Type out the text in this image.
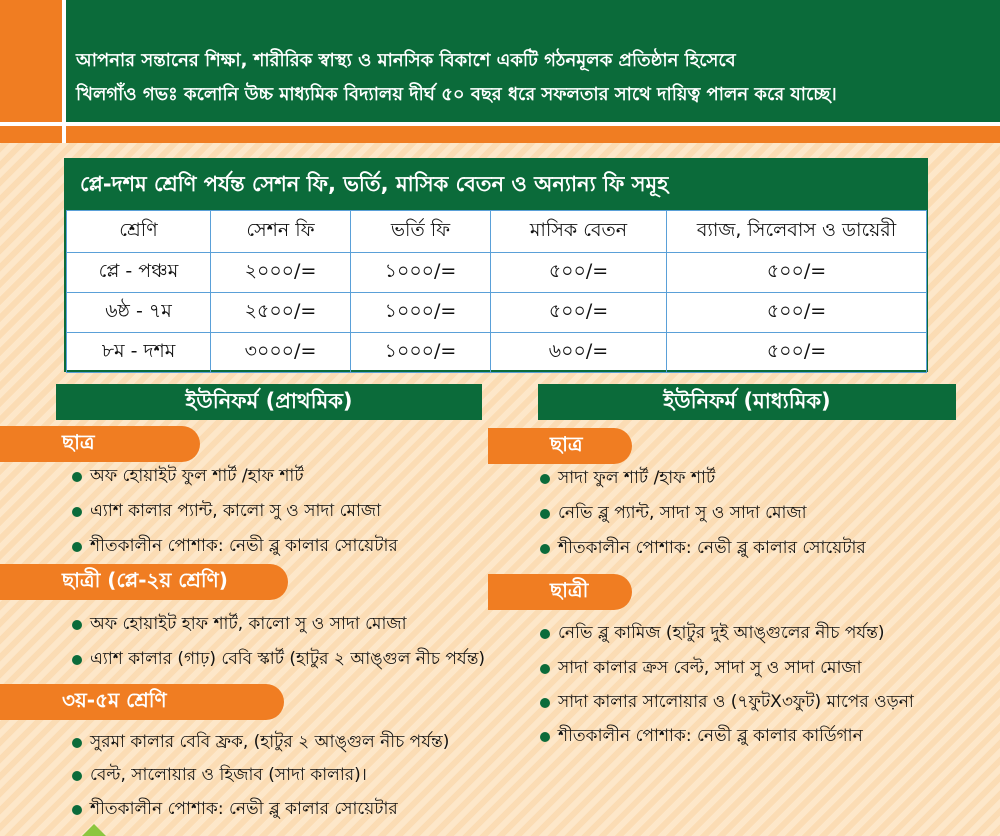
আপনার সন্তানের শিক্ষা, শারীরিক স্বাস্থ্য ও মানসিক বিকাশে একটি গঠনমূলক প্রতিষ্ঠান হিসেবে
খিলগাঁও গভঃ কলোনি উচ্চ মাধ্যমিক বিদ্যালয় দীর্ঘ ৫০ বছর ধরে সফলতার সাথে দায়িত্ব পালন করে যাচ্ছে।
প্লে-দশম শ্রেণি পর্যন্ত সেশন ফি, ভর্তি, মাসিক বেতন ও অন্যান্য ফি সমূহ
শ্রেণি	সেশন ফি	ভর্তি ফি	মাসিক বেতন	ব্যাজ, সিলেবাস ও ডায়েরী
প্লে - পঞ্চম	২০০০/=	১০০০/=	৫০০/=	৫০০/=
৬ষ্ঠ - ৭ম	২৫০০/=	১০০০/=	৫০০/=	৫০০/=
৮ম - দশম	৩০০০/=	১০০০/=	৬০০/=	৫০০/=
ইউনিফর্ম (প্রাথমিক)
ছাত্র
অফ হোয়াইট ফুল শার্ট /হাফ শার্ট
এ্যাশ কালার প্যান্ট, কালো সু ও সাদা মোজা
শীতকালীন পোশাক: নেভী ব্লু কালার সোয়েটার
ছাত্রী (প্লে-২য় শ্রেণি)
অফ হোয়াইট হাফ শার্ট, কালো সু ও সাদা মোজা
এ্যাশ কালার (গাঢ়) বেবি স্কার্ট (হাটুর ২ আঙ্গুল নীচ পর্যন্ত)
৩য়-৫ম শ্রেণি
সুরমা কালার বেবি ফ্রক, (হাটুর ২ আঙ্গুল নীচ পর্যন্ত)
বেল্ট, সালোয়ার ও হিজাব (সাদা কালার)।
শীতকালীন পোশাক: নেভী ব্লু কালার সোয়েটার
ইউনিফর্ম (মাধ্যমিক)
ছাত্র
সাদা ফুল শার্ট /হাফ শার্ট
নেভি ব্লু প্যান্ট, সাদা সু ও সাদা মোজা
শীতকালীন পোশাক: নেভী ব্লু কালার সোয়েটার
ছাত্রী
নেভি ব্লু কামিজ (হাটুর দুই আঙ্গুলের নীচ পর্যন্ত)
সাদা কালার ক্রস বেল্ট, সাদা সু ও সাদা মোজা
সাদা কালার সালোয়ার ও (৭ফুটX৩ফুট) মাপের ওড়না
শীতকালীন পোশাক: নেভী ব্লু কালার কার্ডিগান
